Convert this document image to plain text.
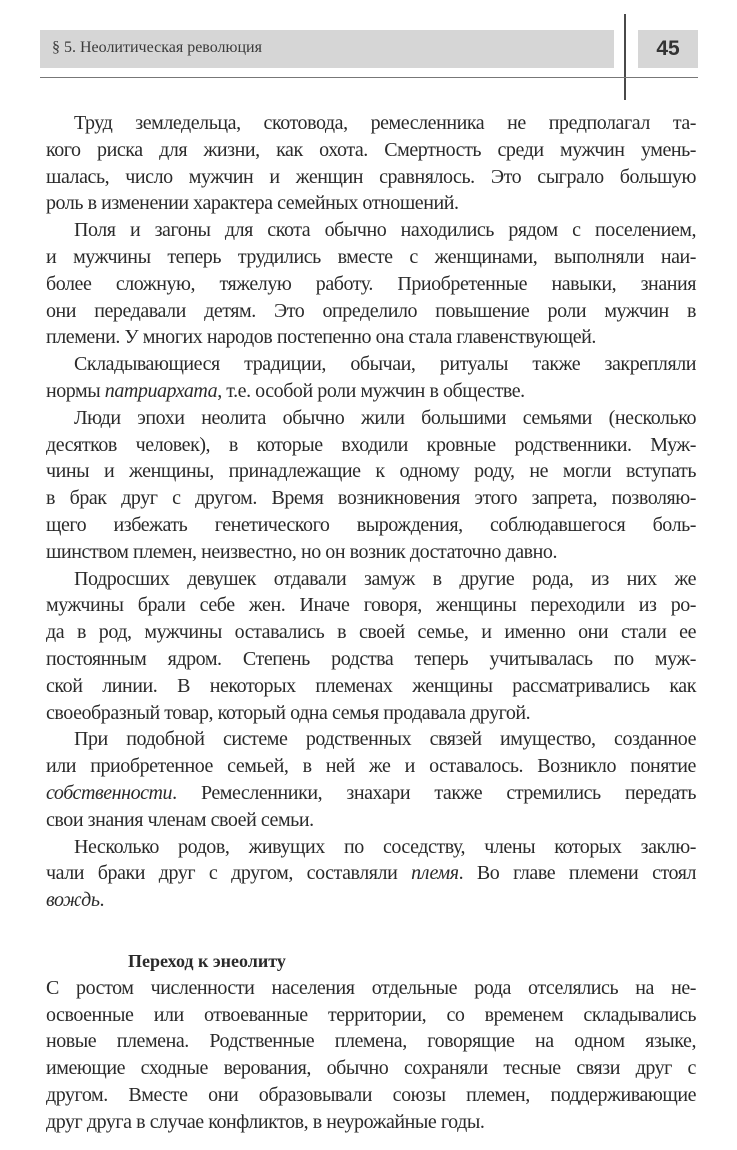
§ 5. Неолитическая революция	45
Труд земледельца, скотовода, ремесленника не предполагал та-
кого риска для жизни, как охота. Смертность среди мужчин умень-
шалась, число мужчин и женщин сравнялось. Это сыграло большую
роль в изменении характера семейных отношений.
Поля и загоны для скота обычно находились рядом с поселением,
и мужчины теперь трудились вместе с женщинами, выполняли наи-
более сложную, тяжелую работу. Приобретенные навыки, знания
они передавали детям. Это определило повышение роли мужчин в
племени. У многих народов постепенно она стала главенствующей.
Складывающиеся традиции, обычаи, ритуалы также закрепляли
нормы патриархата, т.е. особой роли мужчин в обществе.
Люди эпохи неолита обычно жили большими семьями (несколько
десятков человек), в которые входили кровные родственники. Муж-
чины и женщины, принадлежащие к одному роду, не могли вступать
в брак друг с другом. Время возникновения этого запрета, позволяю-
щего избежать генетического вырождения, соблюдавшегося боль-
шинством племен, неизвестно, но он возник достаточно давно.
Подросших девушек отдавали замуж в другие рода, из них же
мужчины брали себе жен. Иначе говоря, женщины переходили из ро-
да в род, мужчины оставались в своей семье, и именно они стали ее
постоянным ядром. Степень родства теперь учитывалась по муж-
ской линии. В некоторых племенах женщины рассматривались как
своеобразный товар, который одна семья продавала другой.
При подобной системе родственных связей имущество, созданное
или приобретенное семьей, в ней же и оставалось. Возникло понятие
собственности. Ремесленники, знахари также стремились передать
свои знания членам своей семьи.
Несколько родов, живущих по соседству, члены которых заклю-
чали браки друг с другом, составляли племя. Во главе племени стоял
вождь.
Переход к энеолиту
С ростом численности населения отдельные рода отселялись на не-
освоенные или отвоеванные территории, со временем складывались
новые племена. Родственные племена, говорящие на одном языке,
имеющие сходные верования, обычно сохраняли тесные связи друг с
другом. Вместе они образовывали союзы племен, поддерживающие
друг друга в случае конфликтов, в неурожайные годы.
